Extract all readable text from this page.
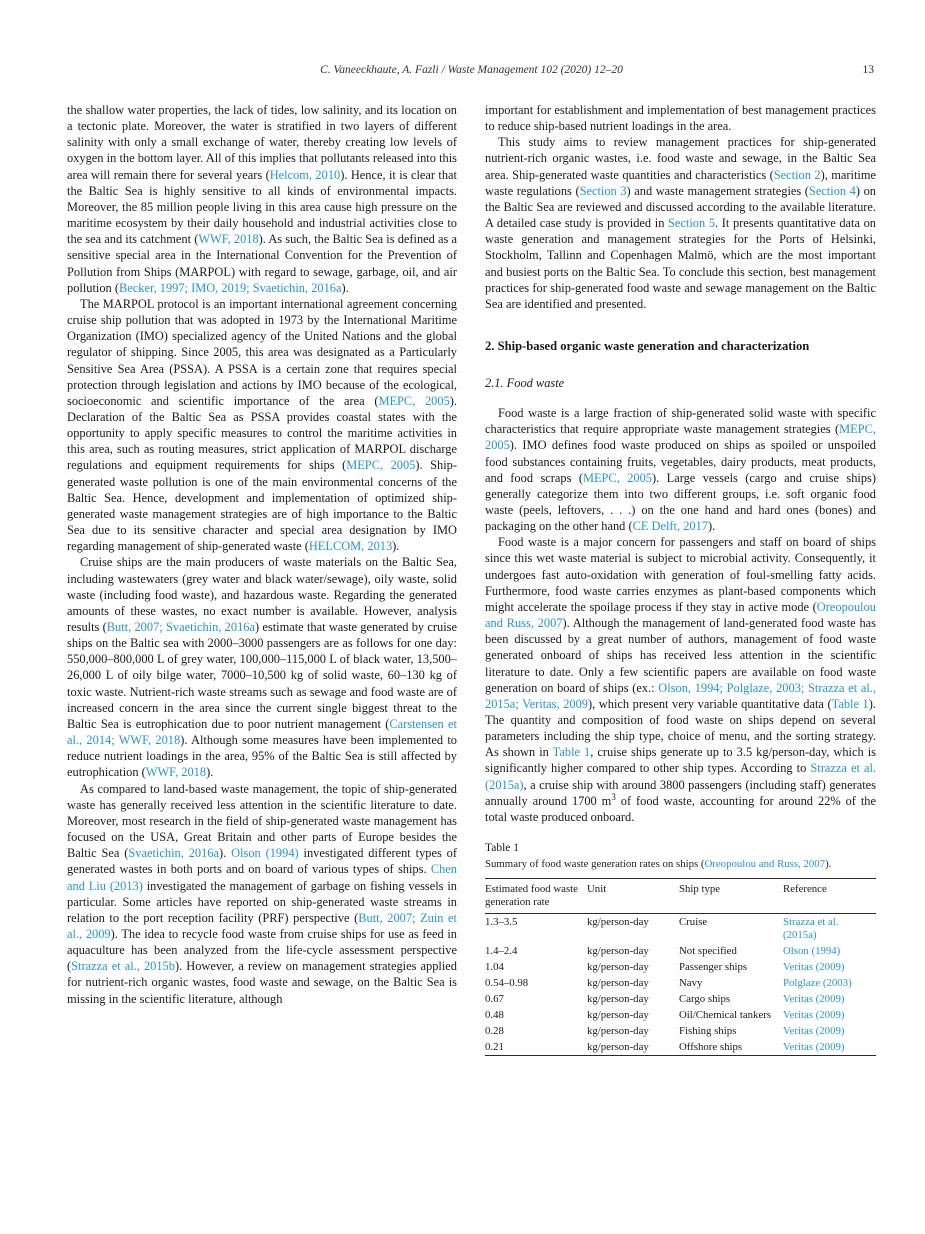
C. Vaneeckhaute, A. Fazli / Waste Management 102 (2020) 12–20	13

the shallow water properties, the lack of tides, low salinity, and its location on a tectonic plate. Moreover, the water is stratified in two layers of different salinity with only a small exchange of water, thereby creating low levels of oxygen in the bottom layer. All of this implies that pollutants released into this area will remain there for several years (Helcom, 2010). Hence, it is clear that the Baltic Sea is highly sensitive to all kinds of environmental impacts. Moreover, the 85 million people living in this area cause high pressure on the maritime ecosystem by their daily household and industrial activities close to the sea and its catchment (WWF, 2018). As such, the Baltic Sea is defined as a sensitive special area in the International Convention for the Prevention of Pollution from Ships (MARPOL) with regard to sewage, garbage, oil, and air pollution (Becker, 1997; IMO, 2019; Svaetichin, 2016a).

The MARPOL protocol is an important international agreement concerning cruise ship pollution that was adopted in 1973 by the International Maritime Organization (IMO) specialized agency of the United Nations and the global regulator of shipping. Since 2005, this area was designated as a Particularly Sensitive Sea Area (PSSA). A PSSA is a certain zone that requires special protection through legislation and actions by IMO because of the ecological, socioeconomic and scientific importance of the area (MEPC, 2005). Declaration of the Baltic Sea as PSSA provides coastal states with the opportunity to apply specific measures to control the maritime activities in this area, such as routing measures, strict application of MARPOL discharge regulations and equipment requirements for ships (MEPC, 2005). Ship-generated waste pollution is one of the main environmental concerns of the Baltic Sea. Hence, development and implementation of optimized ship-generated waste management strategies are of high importance to the Baltic Sea due to its sensitive character and special area designation by IMO regarding management of ship-generated waste (HELCOM, 2013).

Cruise ships are the main producers of waste materials on the Baltic Sea, including wastewaters (grey water and black water/sewage), oily waste, solid waste (including food waste), and hazardous waste. Regarding the generated amounts of these wastes, no exact number is available. However, analysis results (Butt, 2007; Svaetichin, 2016a) estimate that waste generated by cruise ships on the Baltic sea with 2000–3000 passengers are as follows for one day: 550,000–800,000 L of grey water, 100,000–115,000 L of black water, 13,500–26,000 L of oily bilge water, 7000–10,500 kg of solid waste, 60–130 kg of toxic waste. Nutrient-rich waste streams such as sewage and food waste are of increased concern in the area since the current single biggest threat to the Baltic Sea is eutrophication due to poor nutrient management (Carstensen et al., 2014; WWF, 2018). Although some measures have been implemented to reduce nutrient loadings in the area, 95% of the Baltic Sea is still affected by eutrophication (WWF, 2018).

As compared to land-based waste management, the topic of ship-generated waste has generally received less attention in the scientific literature to date. Moreover, most research in the field of ship-generated waste management has focused on the USA, Great Britain and other parts of Europe besides the Baltic Sea (Svaetichin, 2016a). Olson (1994) investigated different types of generated wastes in both ports and on board of various types of ships. Chen and Liu (2013) investigated the management of garbage on fishing vessels in particular. Some articles have reported on ship-generated waste streams in relation to the port reception facility (PRF) perspective (Butt, 2007; Zuin et al., 2009). The idea to recycle food waste from cruise ships for use as feed in aquaculture has been analyzed from the life-cycle assessment perspective (Strazza et al., 2015b). However, a review on management strategies applied for nutrient-rich organic wastes, food waste and sewage, on the Baltic Sea is missing in the scientific literature, although

important for establishment and implementation of best management practices to reduce ship-based nutrient loadings in the area.

This study aims to review management practices for ship-generated nutrient-rich organic wastes, i.e. food waste and sewage, in the Baltic Sea area. Ship-generated waste quantities and characteristics (Section 2), maritime waste regulations (Section 3) and waste management strategies (Section 4) on the Baltic Sea are reviewed and discussed according to the available literature. A detailed case study is provided in Section 5. It presents quantitative data on waste generation and management strategies for the Ports of Helsinki, Stockholm, Tallinn and Copenhagen Malmö, which are the most important and busiest ports on the Baltic Sea. To conclude this section, best management practices for ship-generated food waste and sewage management on the Baltic Sea are identified and presented.

2. Ship-based organic waste generation and characterization
2.1. Food waste

Food waste is a large fraction of ship-generated solid waste with specific characteristics that require appropriate waste management strategies (MEPC, 2005). IMO defines food waste produced on ships as spoiled or unspoiled food substances containing fruits, vegetables, dairy products, meat products, and food scraps (MEPC, 2005). Large vessels (cargo and cruise ships) generally categorize them into two different groups, i.e. soft organic food waste (peels, leftovers, . . .) on the one hand and hard ones (bones) and packaging on the other hand (CE Delft, 2017).

Food waste is a major concern for passengers and staff on board of ships since this wet waste material is subject to microbial activity. Consequently, it undergoes fast auto-oxidation with generation of foul-smelling fatty acids. Furthermore, food waste carries enzymes as plant-based components which might accelerate the spoilage process if they stay in active mode (Oreopoulou and Russ, 2007). Although the management of land-generated food waste has been discussed by a great number of authors, management of food waste generated onboard of ships has received less attention in the scientific literature to date. Only a few scientific papers are available on food waste generation on board of ships (ex.: Olson, 1994; Polglaze, 2003; Strazza et al., 2015a; Veritas, 2009), which present very variable quantitative data (Table 1). The quantity and composition of food waste on ships depend on several parameters including the ship type, choice of menu, and the sorting strategy. As shown in Table 1, cruise ships generate up to 3.5 kg/person-day, which is significantly higher compared to other ship types. According to Strazza et al. (2015a), a cruise ship with around 3800 passengers (including staff) generates annually around 1700 $m^3$ of food waste, accounting for around 22% of the total waste produced onboard.

Table 1
Summary of food waste generation rates on ships (Oreopoulou and Russ, 2007).
Estimated food waste generation rate	Unit	Ship type	Reference
1.3–3.5	kg/person-day	Cruise	Strazza et al. (2015a)
1.4–2.4	kg/person-day	Not specified	Olson (1994)
1.04	kg/person-day	Passenger ships	Veritas (2009)
0.54–0.98	kg/person-day	Navy	Polglaze (2003)
0.67	kg/person-day	Cargo ships	Veritas (2009)
0.48	kg/person-day	Oil/Chemical tankers	Veritas (2009)
0.28	kg/person-day	Fishing ships	Veritas (2009)
0.21	kg/person-day	Offshore ships	Veritas (2009)
